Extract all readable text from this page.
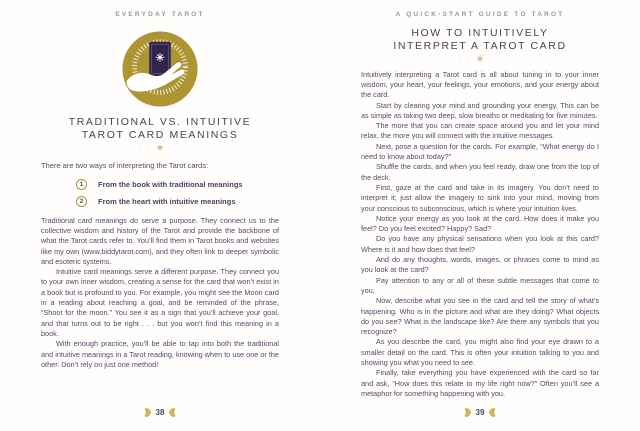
EVERYDAY TAROT
TRADITIONAL VS. INTUITIVE
TAROT CARD MEANINGS
· · ✳ · ·

There are two ways of interpreting the Tarot cards:

1	From the book with traditional meanings
2	From the heart with intuitive meanings

Traditional card meanings do serve a purpose. They connect us to the collective wisdom and history of the Tarot and provide the backbone of what the Tarot cards refer to. You’ll find them in Tarot books and websites like my own (www.biddytarot.com), and they often link to deeper symbolic and esoteric systems.

Intuitive card meanings serve a different purpose. They connect you to your own inner wisdom, creating a sense for the card that won’t exist in a book but is profound to you. For example, you might see the Moon card in a reading about reaching a goal, and be reminded of the phrase, “Shoot for the moon.” You see it as a sign that you’ll achieve your goal, and that turns out to be right . . . but you won’t find this meaning in a book.

With enough practice, you’ll be able to tap into both the traditional and intuitive meanings in a Tarot reading, knowing when to use one or the other. Don’t rely on just one method!

38
A QUICK-START GUIDE TO TAROT
HOW TO INTUITIVELY
INTERPRET A TAROT CARD
· · ✳ · ·

Intuitively interpreting a Tarot card is all about tuning in to your inner wisdom, your heart, your feelings, your emotions, and your energy about the card.

Start by clearing your mind and grounding your energy. This can be as simple as taking two deep, slow breaths or meditating for five minutes.

The more that you can create space around you and let your mind relax, the more you will connect with the intuitive messages.

Next, pose a question for the cards. For example, “What energy do I need to know about today?”

Shuffle the cards, and when you feel ready, draw one from the top of the deck.

First, gaze at the card and take in its imagery. You don’t need to interpret it; just allow the imagery to sink into your mind, moving from your conscious to subconscious, which is where your intuition lives.

Notice your energy as you look at the card. How does it make you feel? Do you feel excited? Happy? Sad?

Do you have any physical sensations when you look at this card? Where is it and how does that feel?

And do any thoughts, words, images, or phrases come to mind as you look at the card?

Pay attention to any or all of these subtle messages that come to you.

Now, describe what you see in the card and tell the story of what’s happening. Who is in the picture and what are they doing? What objects do you see? What is the landscape like? Are there any symbols that you recognize?

As you describe the card, you might also find your eye drawn to a smaller detail on the card. This is often your intuition talking to you and showing you what you need to see.

Finally, take everything you have experienced with the card so far and ask, “How does this relate to my life right now?” Often you’ll see a metaphor for something happening with you.

39
